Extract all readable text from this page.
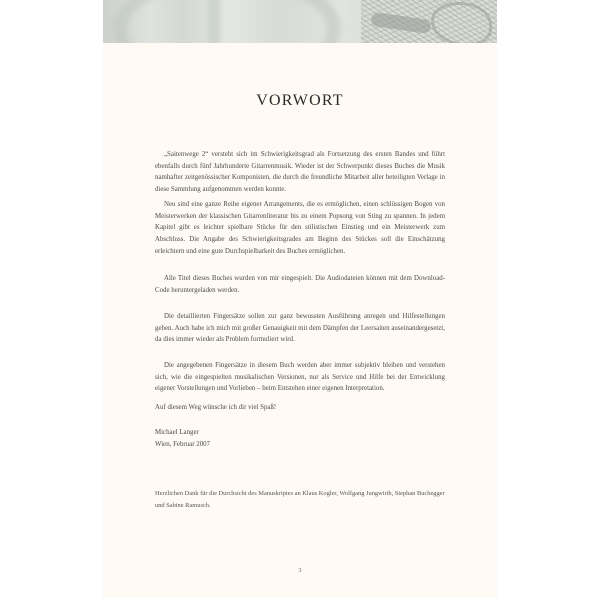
VORWORT

„Saitenwege 2“ versteht sich im Schwierigkeitsgrad als Fortsetzung des ersten Bandes und führt ebenfalls durch fünf Jahrhunderte Gitarrenmusik. Wieder ist der Schwerpunkt dieses Buches die Musik namhafter zeitgenössischer Komponisten, die durch die freundliche Mitarbeit aller beteiligten Verlage in diese Sammlung aufgenommen werden konnte.

Neu sind eine ganze Reihe eigener Arrangements, die es ermöglichen, einen schlüssigen Bogen von Meisterwerken der klassischen Gitarrenliteratur bis zu einem Popsong von Sting zu spannen. In jedem Kapitel gibt es leichter spielbare Stücke für den stilistischen Einstieg und ein Meisterwerk zum Abschluss. Die Angabe des Schwierigkeitsgrades am Beginn des Stückes soll die Einschätzung erleichtern und eine gute Durchspielbarkeit des Buches ermöglichen.

Alle Titel dieses Buches wurden von mir eingespielt. Die Audiodateien können mit dem Download-Code heruntergeladen werden.

Die detaillierten Fingersätze sollen zur ganz bewussten Ausführung anregen und Hilfestellungen geben. Auch habe ich mich mit großer Genauigkeit mit dem Dämpfen der Leersaiten auseinandergesetzt, da dies immer wieder als Problem formuliert wird.

Die angegebenen Fingersätze in diesem Buch werden aber immer subjektiv bleiben und verstehen sich, wie die eingespielten musikalischen Versionen, nur als Service und Hilfe bei der Entwicklung eigener Vorstellungen und Vorlieben – beim Entstehen einer eigenen Interpretation.

Auf diesem Weg wünsche ich dir viel Spaß!

Michael Langer

Wien, Februar 2007

Herzlichen Dank für die Durchsicht des Manuskriptes an Klaus Kogler, Wolfgang Jungwirth, Stephan Buchegger und Sabine Ramusch.

3
